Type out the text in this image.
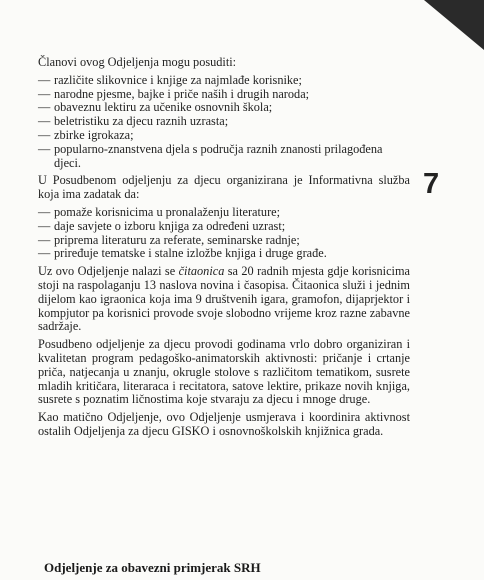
7

Članovi ovog Odjeljenja mogu posuditi:

— različite slikovnice i knjige za najmlađe korisnike;
— narodne pjesme, bajke i priče naših i drugih naroda;
— obaveznu lektiru za učenike osnovnih škola;
— beletristiku za djecu raznih uzrasta;
— zbirke igrokaza;
— popularno-znanstvena djela s područja raznih znanosti prilagođena djeci.

U Posudbenom odjeljenju za djecu organizirana je Informativna služba koja ima zadatak da:

— pomaže korisnicima u pronalaženju literature;
— daje savjete o izboru knjiga za određeni uzrast;
— priprema literaturu za referate, seminarske radnje;
— priređuje tematske i stalne izložbe knjiga i druge građe.

Uz ovo Odjeljenje nalazi se čitaonica sa 20 radnih mjesta gdje korisnicima stoji na raspolaganju 13 naslova novina i časopisa. Čitaonica služi i jednim dijelom kao igraonica koja ima 9 društvenih igara, gramofon, dijaprjektor i kompjutor pa korisnici provode svoje slobodno vrijeme kroz razne zabavne sadržaje.

Posudbeno odjeljenje za djecu provodi godinama vrlo dobro organiziran i kvalitetan program pedagoško-animatorskih aktivnosti: pričanje i crtanje priča, natjecanja u znanju, okrugle stolove s različitom tematikom, susrete mladih kritičara, literaraca i recitatora, satove lektire, prikaze novih knjiga, susrete s poznatim ličnostima koje stvaraju za djecu i mnoge druge.

Kao matično Odjeljenje, ovo Odjeljenje usmjerava i koordinira aktivnost ostalih Odjeljenja za djecu GISKO i osnovnoškolskih knjižnica grada.

Odjeljenje za obavezni primjerak SRH
